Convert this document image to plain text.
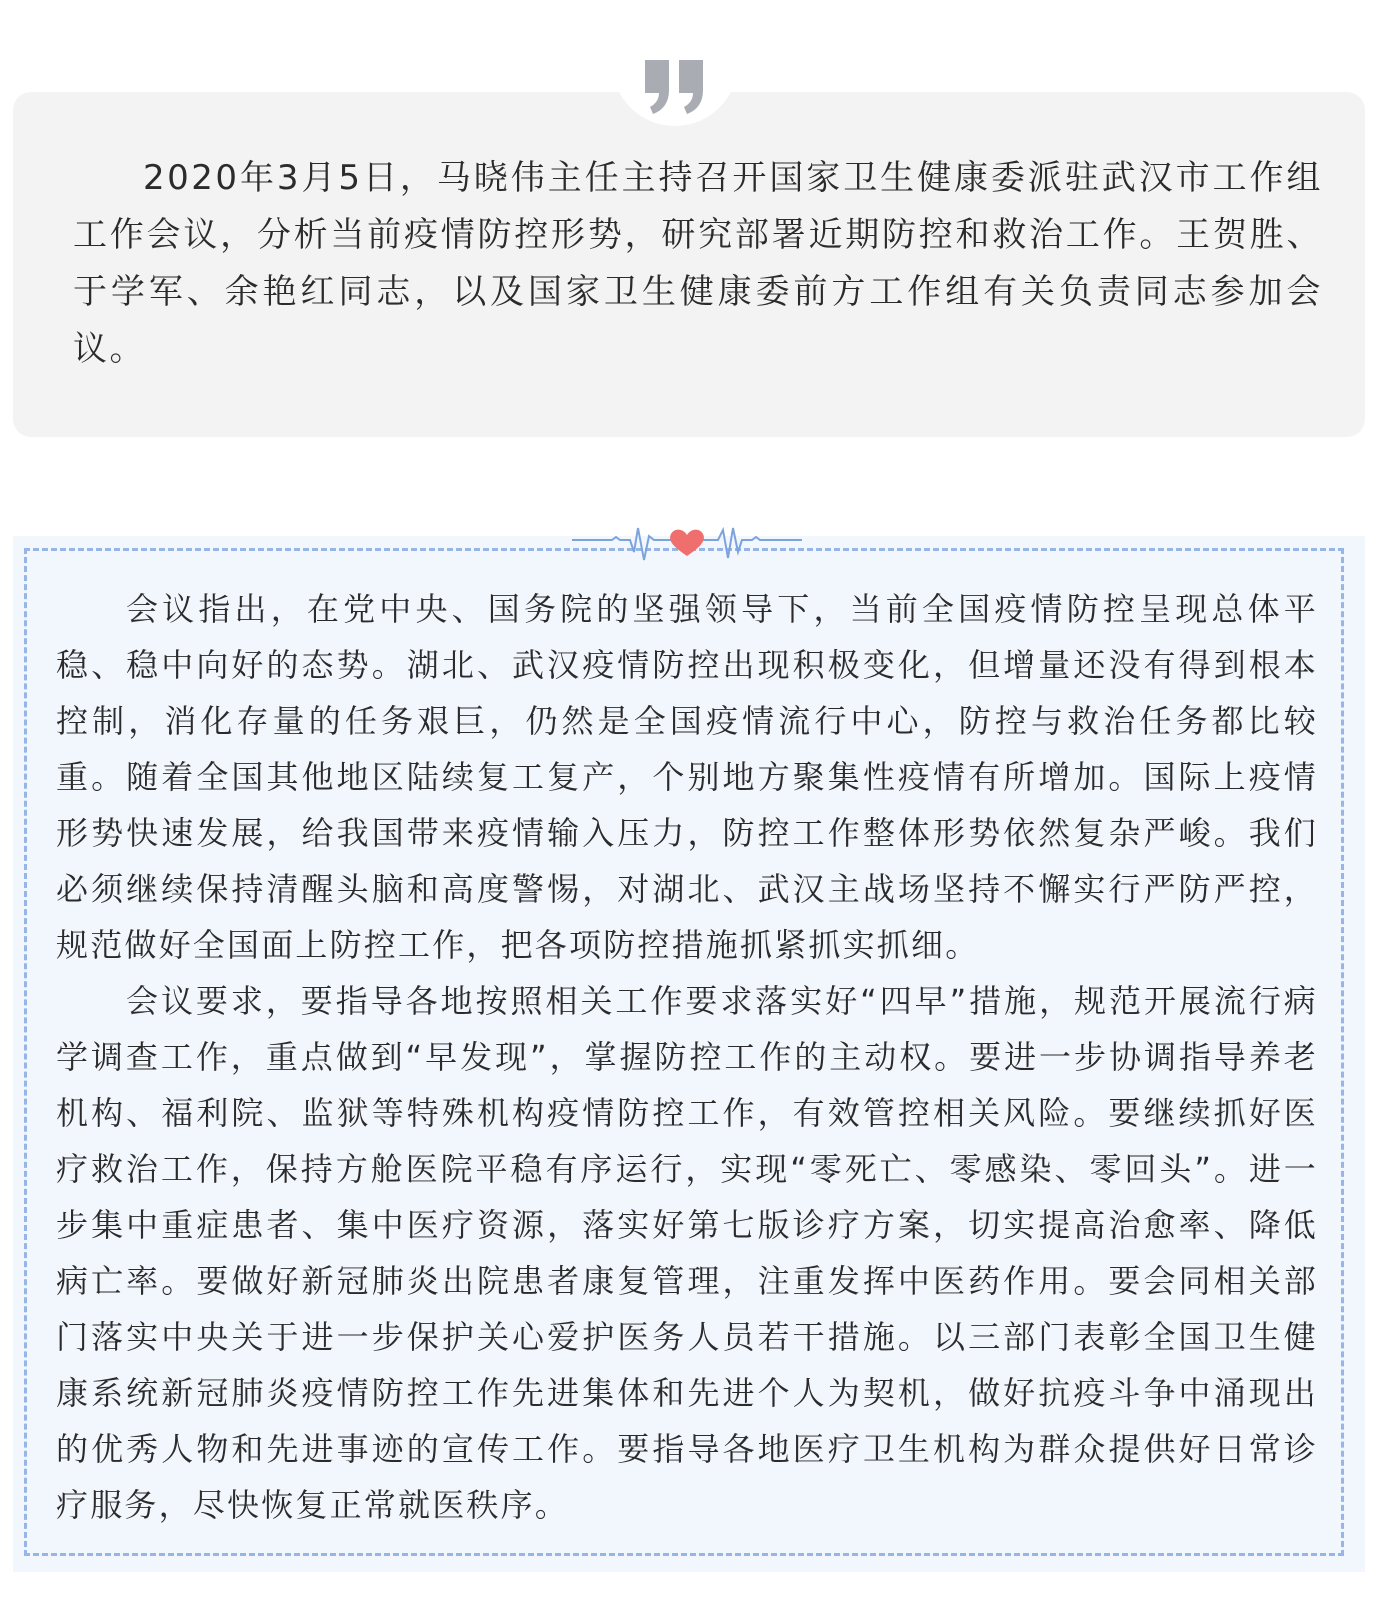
2020年3月5日，马晓伟主任主持召开国家卫生健康委派驻武汉市工作组工作会议，分析当前疫情防控形势，研究部署近期防控和救治工作。王贺胜、于学军、余艳红同志，以及国家卫生健康委前方工作组有关负责同志参加会议。

会议指出，在党中央、国务院的坚强领导下，当前全国疫情防控呈现总体平稳、稳中向好的态势。湖北、武汉疫情防控出现积极变化，但增量还没有得到根本控制，消化存量的任务艰巨，仍然是全国疫情流行中心，防控与救治任务都比较重。随着全国其他地区陆续复工复产，个别地方聚集性疫情有所增加。国际上疫情形势快速发展，给我国带来疫情输入压力，防控工作整体形势依然复杂严峻。我们必须继续保持清醒头脑和高度警惕，对湖北、武汉主战场坚持不懈实行严防严控，规范做好全国面上防控工作，把各项防控措施抓紧抓实抓细。

会议要求，要指导各地按照相关工作要求落实好“四早”措施，规范开展流行病学调查工作，重点做到“早发现”，掌握防控工作的主动权。要进一步协调指导养老机构、福利院、监狱等特殊机构疫情防控工作，有效管控相关风险。要继续抓好医疗救治工作，保持方舱医院平稳有序运行，实现“零死亡、零感染、零回头”。进一步集中重症患者、集中医疗资源，落实好第七版诊疗方案，切实提高治愈率、降低病亡率。要做好新冠肺炎出院患者康复管理，注重发挥中医药作用。要会同相关部门落实中央关于进一步保护关心爱护医务人员若干措施。以三部门表彰全国卫生健康系统新冠肺炎疫情防控工作先进集体和先进个人为契机，做好抗疫斗争中涌现出的优秀人物和先进事迹的宣传工作。要指导各地医疗卫生机构为群众提供好日常诊疗服务，尽快恢复正常就医秩序。
